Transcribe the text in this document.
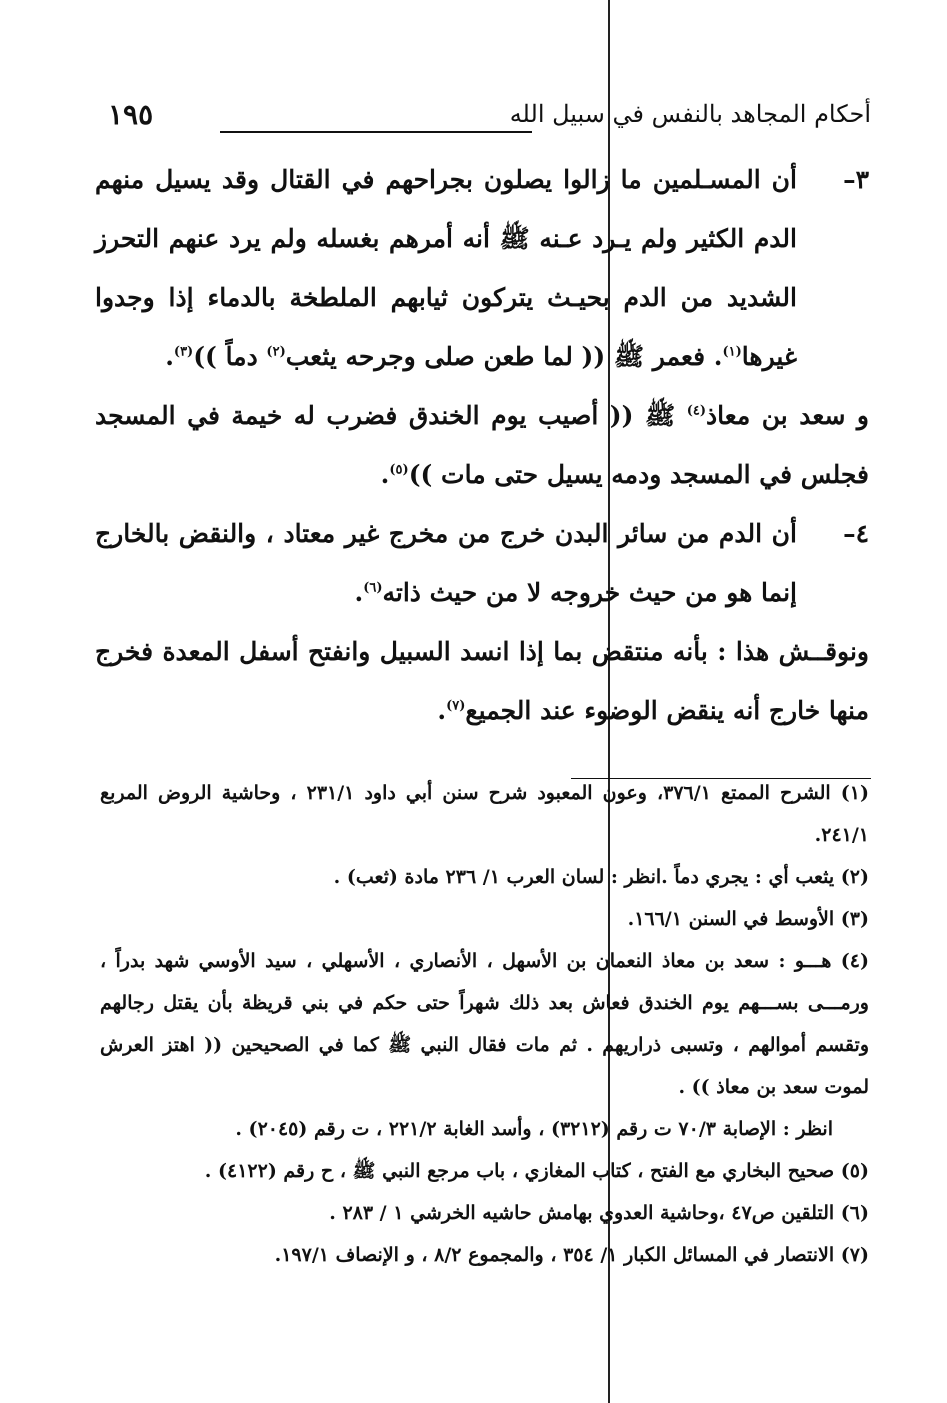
١٩٥	أحكام المجاهد بالنفس في سبيل الله
٣–
أن المسـلمين ما زالوا يصلون بجراحهم في القتال وقد يسيل منهم الدم الكثير ولم يـرد عـنه ﷺ أنه أمرهم بغسله ولم يرد عنهم التحرز الشديد من الدم بحيـث يتركون ثيابهم الملطخة بالدماء إذا وجدوا غيرها$^{(١)}$. فعمر ﷺ (( لما طعن صلى وجرحه يثعب$^{(٢)}$ دماً ))$^{(٣)}$.
و سعد بن معاذ$^{(٤)}$ ﷺ (( أصيب يوم الخندق فضرب له خيمة في المسجد فجلس في المسجد ودمه يسيل حتى مات ))$^{(٥)}$.
٤–
أن الدم من سائر البدن خرج من مخرج غير معتاد ، والنقض بالخارج إنما هو من حيث خروجه لا من حيث ذاته$^{(٦)}$.
ونوقــش هذا : بأنه منتقض بما إذا انسد السبيل وانفتح أسفل المعدة فخرج منها خارج أنه ينقض الوضوء عند الجميع$^{(٧)}$.

(١) الشرح الممتع ٣٧٦/١، وعون المعبود شرح سنن أبي داود ٢٣١/١ ، وحاشية الروض المربع ٢٤١/١.

(٢) يثعب أي : يجري دماً .انظر : لسان العرب ١/ ٢٣٦ مادة (ثعب) .

(٣) الأوسط في السنن ١٦٦/١.

(٤) هـــو : سعد بن معاذ النعمان بن الأسهل ، الأنصاري ، الأسهلي ، سيد الأوسي شهد بدراً ، ورمـــى بســـهم يوم الخندق فعاش بعد ذلك شهراً حتى حكم في بني قريظة بأن يقتل رجالهم وتقسم أموالهم ، وتسبى ذراريهم . ثم مات فقال النبي ﷺ كما في الصحيحين (( اهتز العرش لموت سعد بن معاذ )) .

انظر : الإصابة ٧٠/٣ ت رقم (٣٢١٢) ، وأسد الغابة ٢٢١/٢ ، ت رقم (٢٠٤٥) .

(٥) صحيح البخاري مع الفتح ، كتاب المغازي ، باب مرجع النبي ﷺ ، ح رقم (٤١٢٢) .

(٦) التلقين ص٤٧ ،وحاشية العدوي بهامش حاشيه الخرشي ١ / ٢٨٣ .

(٧) الانتصار في المسائل الكبار ١/ ٣٥٤ ، والمجموع ٨/٢ ، و الإنصاف ١٩٧/١.
